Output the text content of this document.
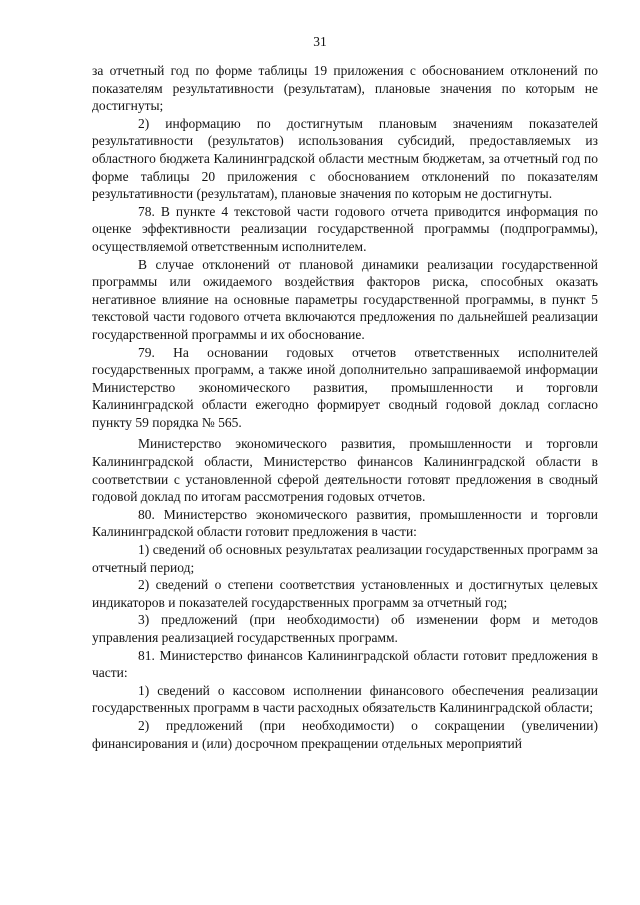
31

за отчетный год по форме таблицы 19 приложения с обоснованием отклонений по показателям результативности (результатам), плановые значения по которым не достигнуты;

2) информацию по достигнутым плановым значениям показателей результативности (результатов) использования субсидий, предоставляемых из областного бюджета Калининградской области местным бюджетам, за отчетный год по форме таблицы 20 приложения с обоснованием отклонений по показателям результативности (результатам), плановые значения по которым не достигнуты.

78. В пункте 4 текстовой части годового отчета приводится информация по оценке эффективности реализации государственной программы (подпрограммы), осуществляемой ответственным исполнителем.

В случае отклонений от плановой динамики реализации государственной программы или ожидаемого воздействия факторов риска, способных оказать негативное влияние на основные параметры государственной программы, в пункт 5 текстовой части годового отчета включаются предложения по дальнейшей реализации государственной программы и их обоснование.

79. На основании годовых отчетов ответственных исполнителей государственных программ, а также иной дополнительно запрашиваемой информации Министерство экономического развития, промышленности и торговли Калининградской области ежегодно формирует сводный годовой доклад согласно пункту 59 порядка № 565.

Министерство экономического развития, промышленности и торговли Калининградской области, Министерство финансов Калининградской области в соответствии с установленной сферой деятельности готовят предложения в сводный годовой доклад по итогам рассмотрения годовых отчетов.

80. Министерство экономического развития, промышленности и торговли Калининградской области готовит предложения в части:

1) сведений об основных результатах реализации государственных программ за отчетный период;

2) сведений о степени соответствия установленных и достигнутых целевых индикаторов и показателей государственных программ за отчетный год;

3) предложений (при необходимости) об изменении форм и методов управления реализацией государственных программ.

81. Министерство финансов Калининградской области готовит предложения в части:

1) сведений о кассовом исполнении финансового обеспечения реализации государственных программ в части расходных обязательств Калининградской области;

2) предложений (при необходимости) о сокращении (увеличении) финансирования и (или) досрочном прекращении отдельных мероприятий
